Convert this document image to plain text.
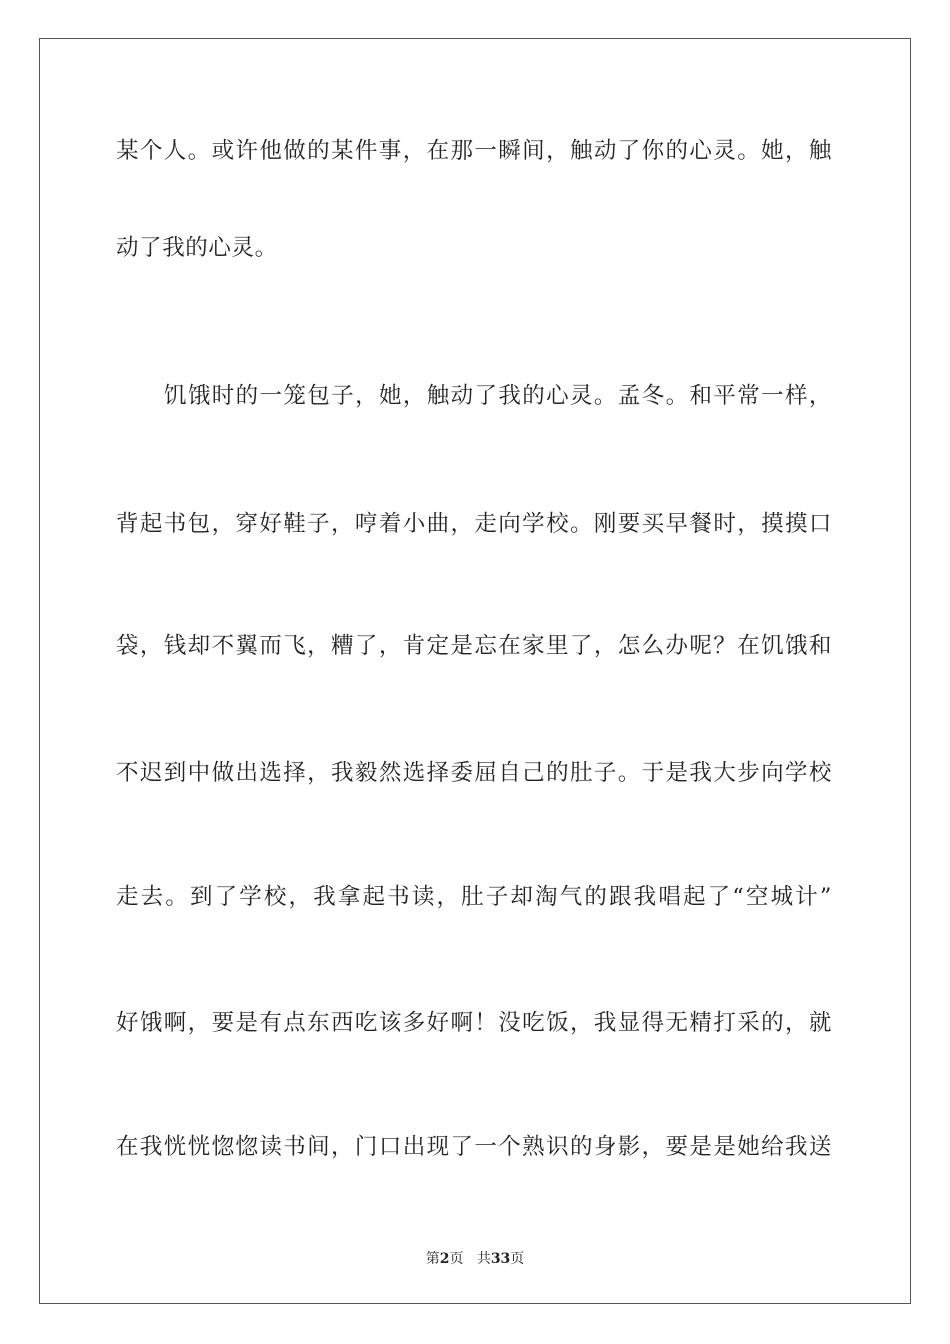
某个人。或许他做的某件事，在那一瞬间，触动了你的心灵。她，触
动了我的心灵。
饥饿时的一笼包子，她，触动了我的心灵。孟冬。和平常一样，
背起书包，穿好鞋子，哼着小曲，走向学校。刚要买早餐时，摸摸口
袋，钱却不翼而飞，糟了，肯定是忘在家里了，怎么办呢？在饥饿和
不迟到中做出选择，我毅然选择委屈自己的肚子。于是我大步向学校
走去。到了学校，我拿起书读，肚子却淘气的跟我唱起了“空城计”
好饿啊，要是有点东西吃该多好啊！没吃饭，我显得无精打采的，就
在我恍恍惚惚读书间，门口出现了一个熟识的身影，要是是她给我送
第2页 共33页
